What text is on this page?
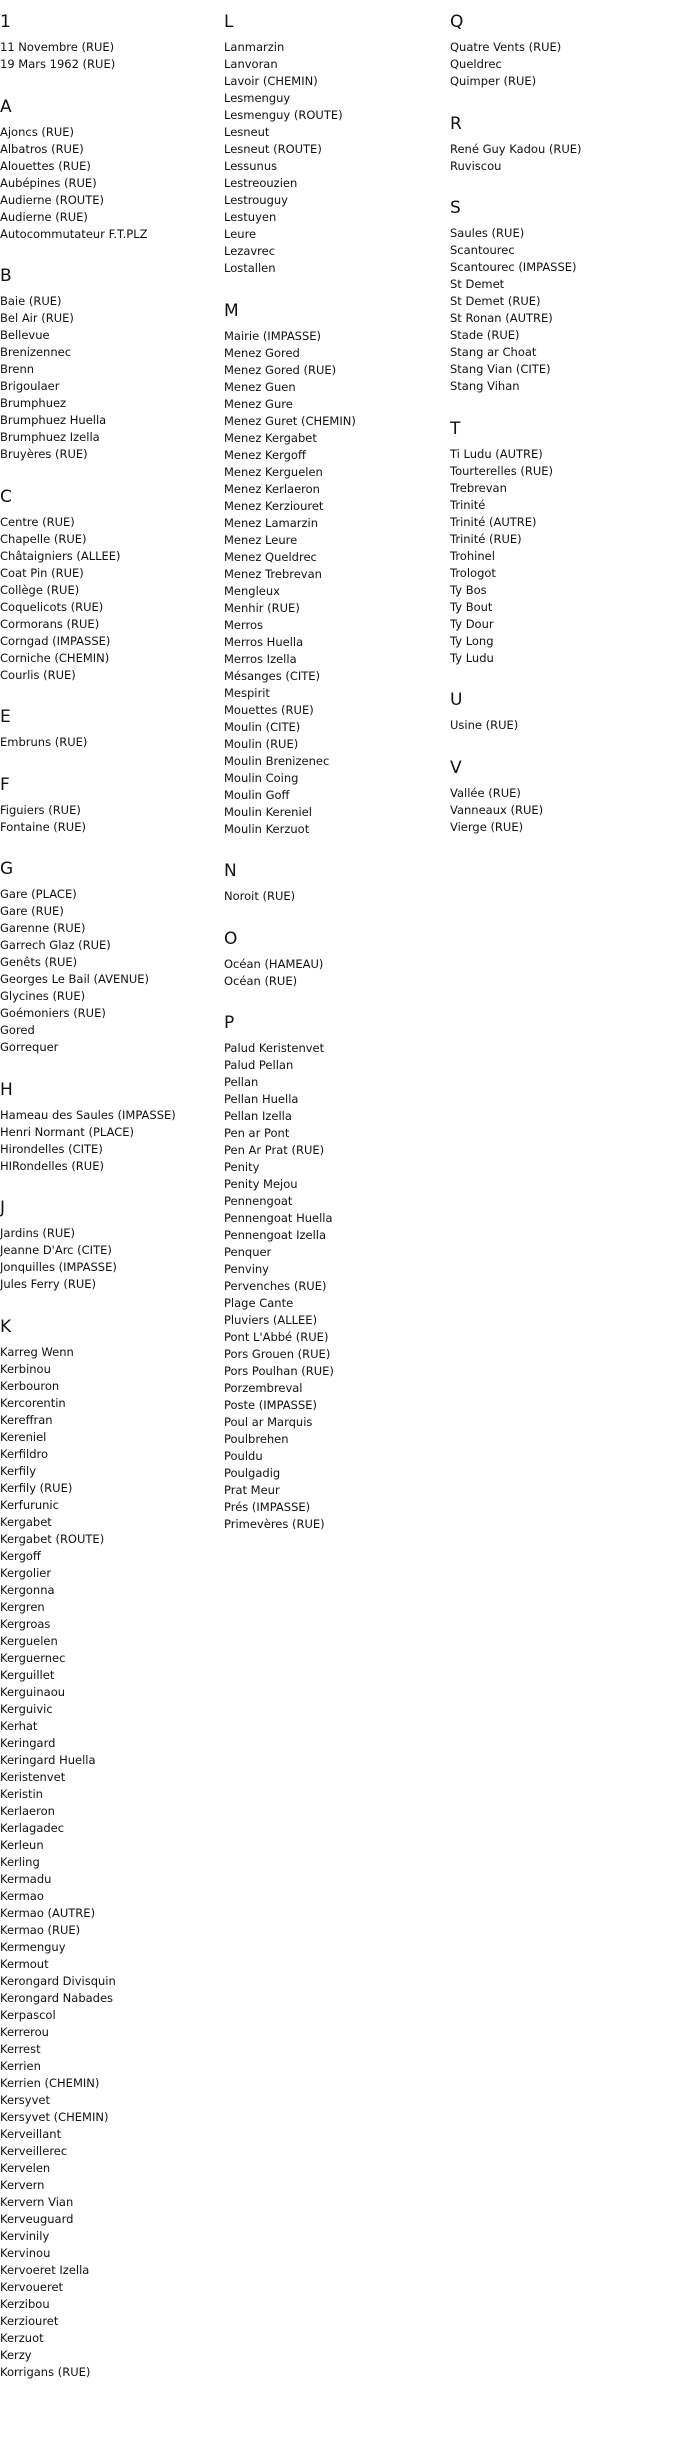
1
11 Novembre (RUE)
19 Mars 1962 (RUE)
A
Ajoncs (RUE)
Albatros (RUE)
Alouettes (RUE)
Aubépines (RUE)
Audierne (ROUTE)
Audierne (RUE)
Autocommutateur F.T.PLZ
B
Baie (RUE)
Bel Air (RUE)
Bellevue
Brenizennec
Brenn
Brigoulaer
Brumphuez
Brumphuez Huella
Brumphuez Izella
Bruyères (RUE)
C
Centre (RUE)
Chapelle (RUE)
Châtaigniers (ALLEE)
Coat Pin (RUE)
Collège (RUE)
Coquelicots (RUE)
Cormorans (RUE)
Corngad (IMPASSE)
Corniche (CHEMIN)
Courlis (RUE)
E
Embruns (RUE)
F
Figuiers (RUE)
Fontaine (RUE)
G
Gare (PLACE)
Gare (RUE)
Garenne (RUE)
Garrech Glaz (RUE)
Genêts (RUE)
Georges Le Bail (AVENUE)
Glycines (RUE)
Goémoniers (RUE)
Gored
Gorrequer
H
Hameau des Saules (IMPASSE)
Henri Normant (PLACE)
Hirondelles (CITE)
HIRondelles (RUE)
J
Jardins (RUE)
Jeanne D'Arc (CITE)
Jonquilles (IMPASSE)
Jules Ferry (RUE)
K
Karreg Wenn
Kerbinou
Kerbouron
Kercorentin
Kereffran
Kereniel
Kerfildro
Kerfily
Kerfily (RUE)
Kerfurunic
Kergabet
Kergabet (ROUTE)
Kergoff
Kergolier
Kergonna
Kergren
Kergroas
Kerguelen
Kerguernec
Kerguillet
Kerguinaou
Kerguivic
Kerhat
Keringard
Keringard Huella
Keristenvet
Keristin
Kerlaeron
Kerlagadec
Kerleun
Kerling
Kermadu
Kermao
Kermao (AUTRE)
Kermao (RUE)
Kermenguy
Kermout
Kerongard Divisquin
Kerongard Nabades
Kerpascol
Kerrerou
Kerrest
Kerrien
Kerrien (CHEMIN)
Kersyvet
Kersyvet (CHEMIN)
Kerveillant
Kerveillerec
Kervelen
Kervern
Kervern Vian
Kerveuguard
Kervinily
Kervinou
Kervoeret Izella
Kervoueret
Kerzibou
Kerziouret
Kerzuot
Kerzy
Korrigans (RUE)
L
Lanmarzin
Lanvoran
Lavoir (CHEMIN)
Lesmenguy
Lesmenguy (ROUTE)
Lesneut
Lesneut (ROUTE)
Lessunus
Lestreouzien
Lestrouguy
Lestuyen
Leure
Lezavrec
Lostallen
M
Mairie (IMPASSE)
Menez Gored
Menez Gored (RUE)
Menez Guen
Menez Gure
Menez Guret (CHEMIN)
Menez Kergabet
Menez Kergoff
Menez Kerguelen
Menez Kerlaeron
Menez Kerziouret
Menez Lamarzin
Menez Leure
Menez Queldrec
Menez Trebrevan
Mengleux
Menhir (RUE)
Merros
Merros Huella
Merros Izella
Mésanges (CITE)
Mespirit
Mouettes (RUE)
Moulin (CITE)
Moulin (RUE)
Moulin Brenizenec
Moulin Coing
Moulin Goff
Moulin Kereniel
Moulin Kerzuot
N
Noroit (RUE)
O
Océan (HAMEAU)
Océan (RUE)
P
Palud Keristenvet
Palud Pellan
Pellan
Pellan Huella
Pellan Izella
Pen ar Pont
Pen Ar Prat (RUE)
Penity
Penity Mejou
Pennengoat
Pennengoat Huella
Pennengoat Izella
Penquer
Penviny
Pervenches (RUE)
Plage Cante
Pluviers (ALLEE)
Pont L'Abbé (RUE)
Pors Grouen (RUE)
Pors Poulhan (RUE)
Porzembreval
Poste (IMPASSE)
Poul ar Marquis
Poulbrehen
Pouldu
Poulgadig
Prat Meur
Prés (IMPASSE)
Primevères (RUE)
Q
Quatre Vents (RUE)
Queldrec
Quimper (RUE)
R
René Guy Kadou (RUE)
Ruviscou
S
Saules (RUE)
Scantourec
Scantourec (IMPASSE)
St Demet
St Demet (RUE)
St Ronan (AUTRE)
Stade (RUE)
Stang ar Choat
Stang Vian (CITE)
Stang Vihan
T
Ti Ludu (AUTRE)
Tourterelles (RUE)
Trebrevan
Trinité
Trinité (AUTRE)
Trinité (RUE)
Trohinel
Trologot
Ty Bos
Ty Bout
Ty Dour
Ty Long
Ty Ludu
U
Usine (RUE)
V
Vallée (RUE)
Vanneaux (RUE)
Vierge (RUE)
